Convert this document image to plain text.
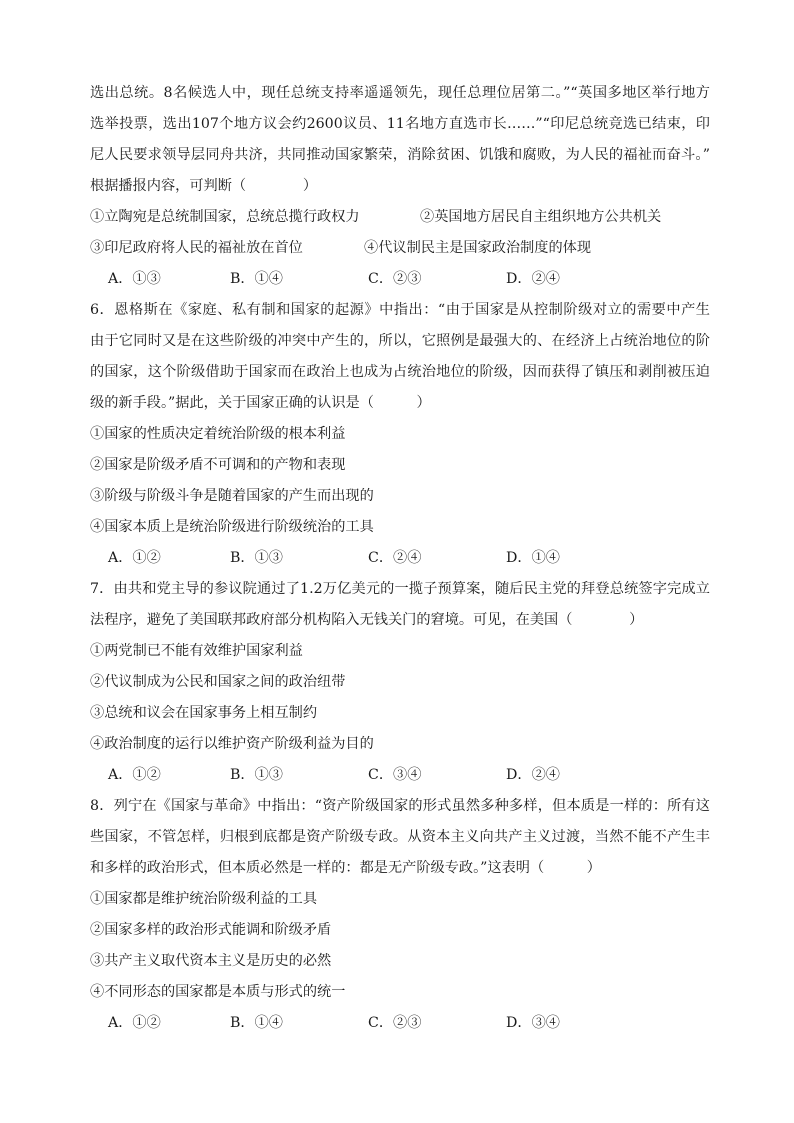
选出总统。8名候选人中，现任总统支持率遥遥领先，现任总理位居第二。”“英国多地区举行地方
选举投票，选出107个地方议会约2600议员、11名地方直选市长……”“印尼总统竞选已结束，印
尼人民要求领导层同舟共济，共同推动国家繁荣，消除贫困、饥饿和腐败，为人民的福祉而奋斗。”
根据播报内容，可判断（　　　　）
①立陶宛是总统制国家，总统总揽行政权力	②英国地方居民自主组织地方公共机关
③印尼政府将人民的福祉放在首位	④代议制民主是国家政治制度的体现
A．①③	B．①④	C．②③	D．②④
6．恩格斯在《家庭、私有制和国家的起源》中指出：“由于国家是从控制阶级对立的需要中产生
由于它同时又是在这些阶级的冲突中产生的，所以，它照例是最强大的、在经济上占统治地位的阶
的国家，这个阶级借助于国家而在政治上也成为占统治地位的阶级，因而获得了镇压和剥削被压迫
级的新手段。”据此，关于国家正确的认识是（　　　）
①国家的性质决定着统治阶级的根本利益
②国家是阶级矛盾不可调和的产物和表现
③阶级与阶级斗争是随着国家的产生而出现的
④国家本质上是统治阶级进行阶级统治的工具
A．①②	B．①③	C．②④	D．①④
7．由共和党主导的参议院通过了1.2万亿美元的一揽子预算案，随后民主党的拜登总统签字完成立
法程序，避免了美国联邦政府部分机构陷入无钱关门的窘境。可见，在美国（　　　　）
①两党制已不能有效维护国家利益
②代议制成为公民和国家之间的政治纽带
③总统和议会在国家事务上相互制约
④政治制度的运行以维护资产阶级利益为目的
A．①②	B．①③	C．③④	D．②④
8．列宁在《国家与革命》中指出：“资产阶级国家的形式虽然多种多样，但本质是一样的：所有这
些国家，不管怎样，归根到底都是资产阶级专政。从资本主义向共产主义过渡，当然不能不产生丰
和多样的政治形式，但本质必然是一样的：都是无产阶级专政。”这表明（　　　）
①国家都是维护统治阶级利益的工具
②国家多样的政治形式能调和阶级矛盾
③共产主义取代资本主义是历史的必然
④不同形态的国家都是本质与形式的统一
A．①②	B．①④	C．②③	D．③④
